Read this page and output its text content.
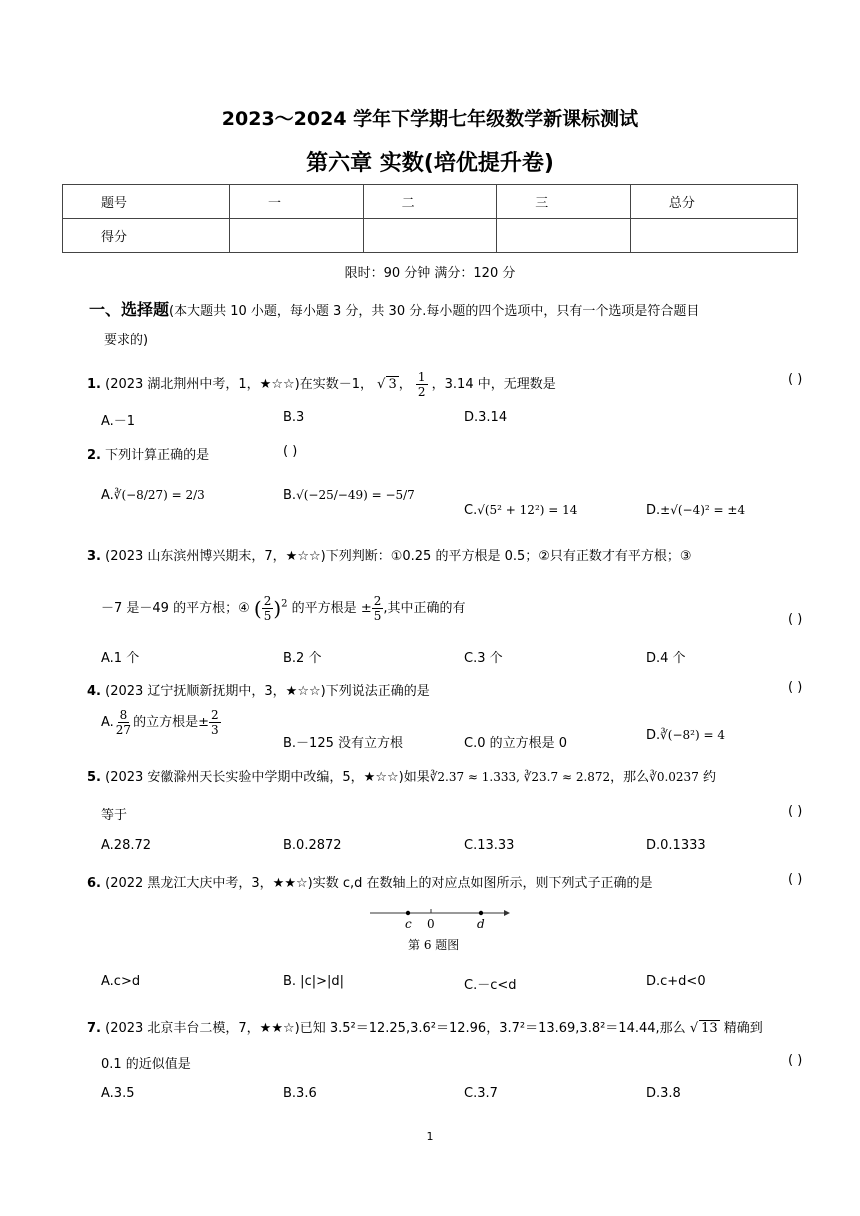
2023～2024 学年下学期七年级数学新课标测试
第六章 实数(培优提升卷)
题号	一	二	三	总分
得分				
限时：90 分钟 满分：120 分
一、选择题(本大题共 10 小题，每小题 3 分，共 30 分.每小题的四个选项中，只有一个选项是符合题目
要求的)
1. (2023 湖北荆州中考，1，★☆☆)在实数－1， √ 3 ， $\frac{1}{2}$ ，3.14 中，无理数是	( )
A.－1	B.3	D.3.14
2. 下列计算正确的是	( )
A.∛(−8/27) = 2/3	B.√(−25/−49) = −5/7
C.√(5² + 12²) = 14	D.±√(−4)² = ±4
3. (2023 山东滨州博兴期末，7，★☆☆)下列判断：①0.25 的平方根是 0.5；②只有正数才有平方根；③
－7 是－49 的平方根；④ ( $\frac{2}{5} )^2$ 的平方根是 ± $\frac{2}{5}$ ,其中正确的有
( )
A.1 个	B.2 个	C.3 个	D.4 个
4. (2023 辽宁抚顺新抚期中，3，★☆☆)下列说法正确的是	( )
A. $\frac{8}{27}$ 的立方根是± $\frac{2}{3}$
B.－125 没有立方根	C.0 的立方根是 0
D.∛(−8²) = 4
5. (2023 安徽滁州天长实验中学期中改编，5，★☆☆)如果∛2.37 ≈ 1.333, ∛23.7 ≈ 2.872，那么∛0.0237 约
等于	( )
A.28.72	B.0.2872	C.13.33	D.0.1333
6. (2022 黑龙江大庆中考，3，★★☆)实数 c,d 在数轴上的对应点如图所示，则下列式子正确的是	( )
c 0	d
第 6 题图
A.c>d	B. |c|>|d|	C.－c<d	D.c+d<0
7. (2023 北京丰台二模，7，★★☆)已知 3.5²＝12.25,3.6²＝12.96，3.7²＝13.69,3.8²＝14.44,那么 √ 13 精确到
0.1 的近似值是	( )
A.3.5	B.3.6	C.3.7	D.3.8
1
